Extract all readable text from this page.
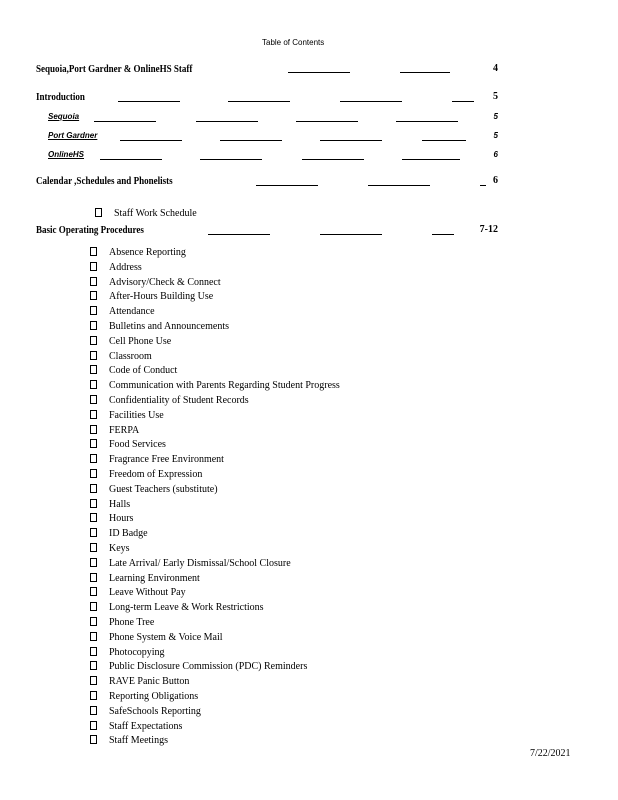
Table of Contents
Sequoia,Port Gardner & OnlineHS Staff	4
Introduction	5
Sequoia	5
Port Gardner	5
OnlineHS	6
Calendar ,Schedules and Phonelists	6

Staff Work Schedule

Basic Operating Procedures	7-12
Absence Reporting
Address
Advisory/Check & Connect
After-Hours Building Use
Attendance
Bulletins and Announcements
Cell Phone Use
Classroom
Code of Conduct
Communication with Parents Regarding Student Progress
Confidentiality of Student Records
Facilities Use
FERPA
Food Services
Fragrance Free Environment
Freedom of Expression
Guest Teachers (substitute)
Halls
Hours
ID Badge
Keys
Late Arrival/ Early Dismissal/School Closure
Learning Environment
Leave Without Pay
Long-term Leave & Work Restrictions
Phone Tree
Phone System & Voice Mail
Photocopying
Public Disclosure Commission (PDC) Reminders
RAVE Panic Button
Reporting Obligations
SafeSchools Reporting
Staff Expectations
Staff Meetings
7/22/2021
